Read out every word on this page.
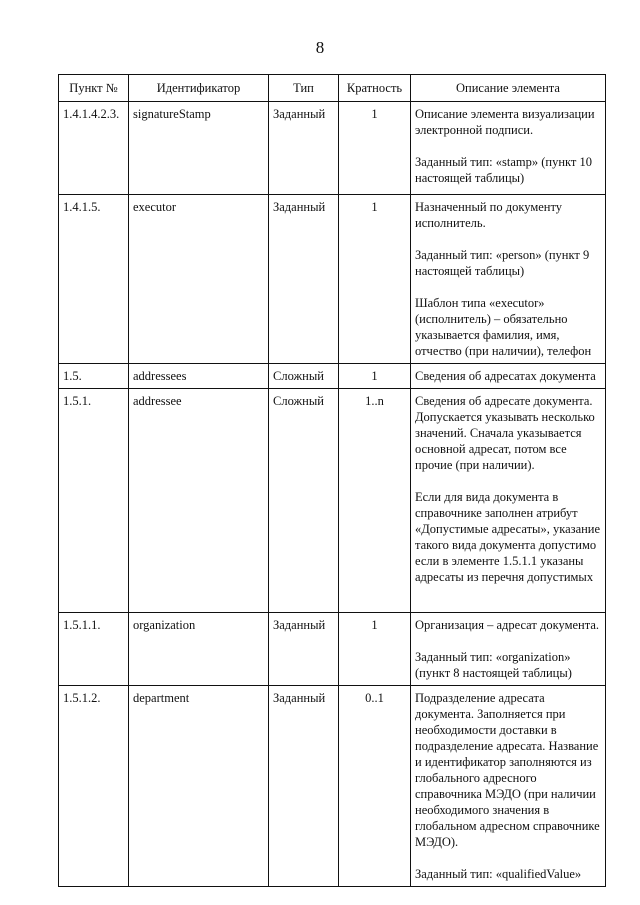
8
Пункт №	Идентификатор	Тип	Кратность	Описание элемента
1.4.1.4.2.3.	signatureStamp	Заданный	1	Описание элемента визуализации электронной подписи.

Заданный тип: «stamp» (пункт 10 настоящей таблицы)

1.4.1.5.	executor	Заданный	1	Назначенный по документу исполнитель.

Заданный тип: «person» (пункт 9 настоящей таблицы)

Шаблон типа «executor» (исполнитель) – обязательно указывается фамилия, имя, отчество (при наличии), телефон

1.5.	addressees	Сложный	1	Сведения об адресатах документа

1.5.1.	addressee	Сложный	1..n	Сведения об адресате документа. Допускается указывать несколько значений. Сначала указывается основной адресат, потом все прочие (при наличии).

Если для вида документа в справочнике заполнен атрибут «Допустимые адресаты», указание такого вида документа допустимо если в элементе 1.5.1.1 указаны адресаты из перечня допустимых

1.5.1.1.	organization	Заданный	1	Организация – адресат документа.

Заданный тип: «organization» (пункт 8 настоящей таблицы)

1.5.1.2.	department	Заданный	0..1	Подразделение адресата документа. Заполняется при необходимости доставки в подразделение адресата. Название и идентификатор заполняются из глобального адресного справочника МЭДО (при наличии необходимого значения в глобальном адресном справочнике МЭДО).

Заданный тип: «qualifiedValue»
